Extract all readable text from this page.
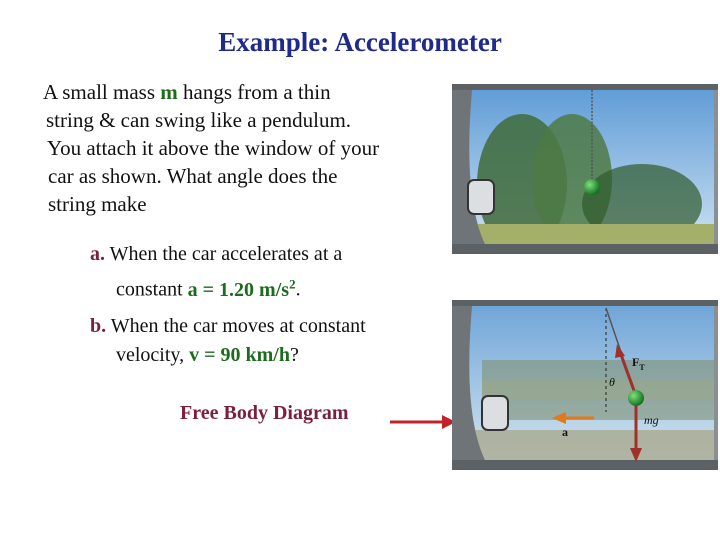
Example: Accelerometer
A small mass m hangs from a thin
string & can swing like a pendulum.
You attach it above the window of your
car as shown. What angle does the
string make
a. When the car accelerates at a
constant a = 1.20 $m/s^2$.
b. When the car moves at constant
velocity, v = 90 km/h?
Free Body Diagram
$F_T$
θ
mg
a
